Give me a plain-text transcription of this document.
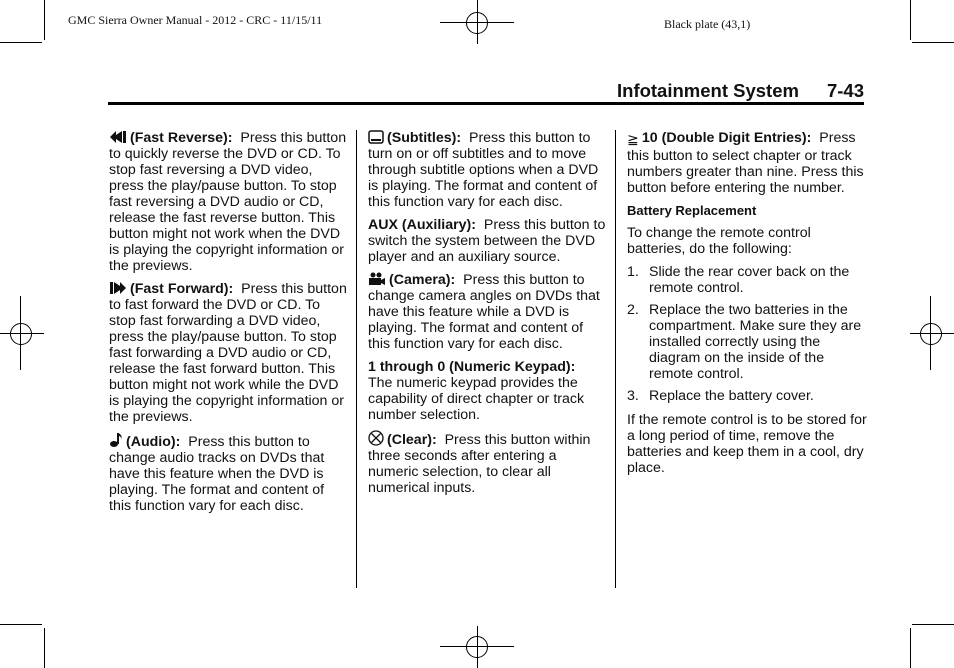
GMC Sierra Owner Manual - 2012 - CRC - 11/15/11	Black plate (43,1)
Infotainment System 7-43

(Fast Reverse): Press this button to quickly reverse the DVD or CD. To stop fast reversing a DVD video, press the play/pause button. To stop fast reversing a DVD audio or CD, release the fast reverse button. This button might not work when the DVD is playing the copyright information or the previews.

(Fast Forward): Press this button to fast forward the DVD or CD. To stop fast forwarding a DVD video, press the play/pause button. To stop fast forwarding a DVD audio or CD, release the fast forward button. This button might not work while the DVD is playing the copyright information or the previews.

(Audio): Press this button to change audio tracks on DVDs that have this feature when the DVD is playing. The format and content of this function vary for each disc.

(Subtitles): Press this button to turn on or off subtitles and to move through subtitle options when a DVD is playing. The format and content of this function vary for each disc.

AUX (Auxiliary): Press this button to switch the system between the DVD player and an auxiliary source.

(Camera): Press this button to change camera angles on DVDs that have this feature while a DVD is playing. The format and content of this function vary for each disc.

1 through 0 (Numeric Keypad):
The numeric keypad provides the capability of direct chapter or track number selection.

(Clear): Press this button within three seconds after entering a numeric selection, to clear all numerical inputs.

≧ 10 (Double Digit Entries): Press this button to select chapter or track numbers greater than nine. Press this button before entering the number.

Battery Replacement

To change the remote control batteries, do the following:

1. Slide the rear cover back on the remote control.
2. Replace the two batteries in the compartment. Make sure they are installed correctly using the diagram on the inside of the remote control.
3. Replace the battery cover.

If the remote control is to be stored for a long period of time, remove the batteries and keep them in a cool, dry place.
